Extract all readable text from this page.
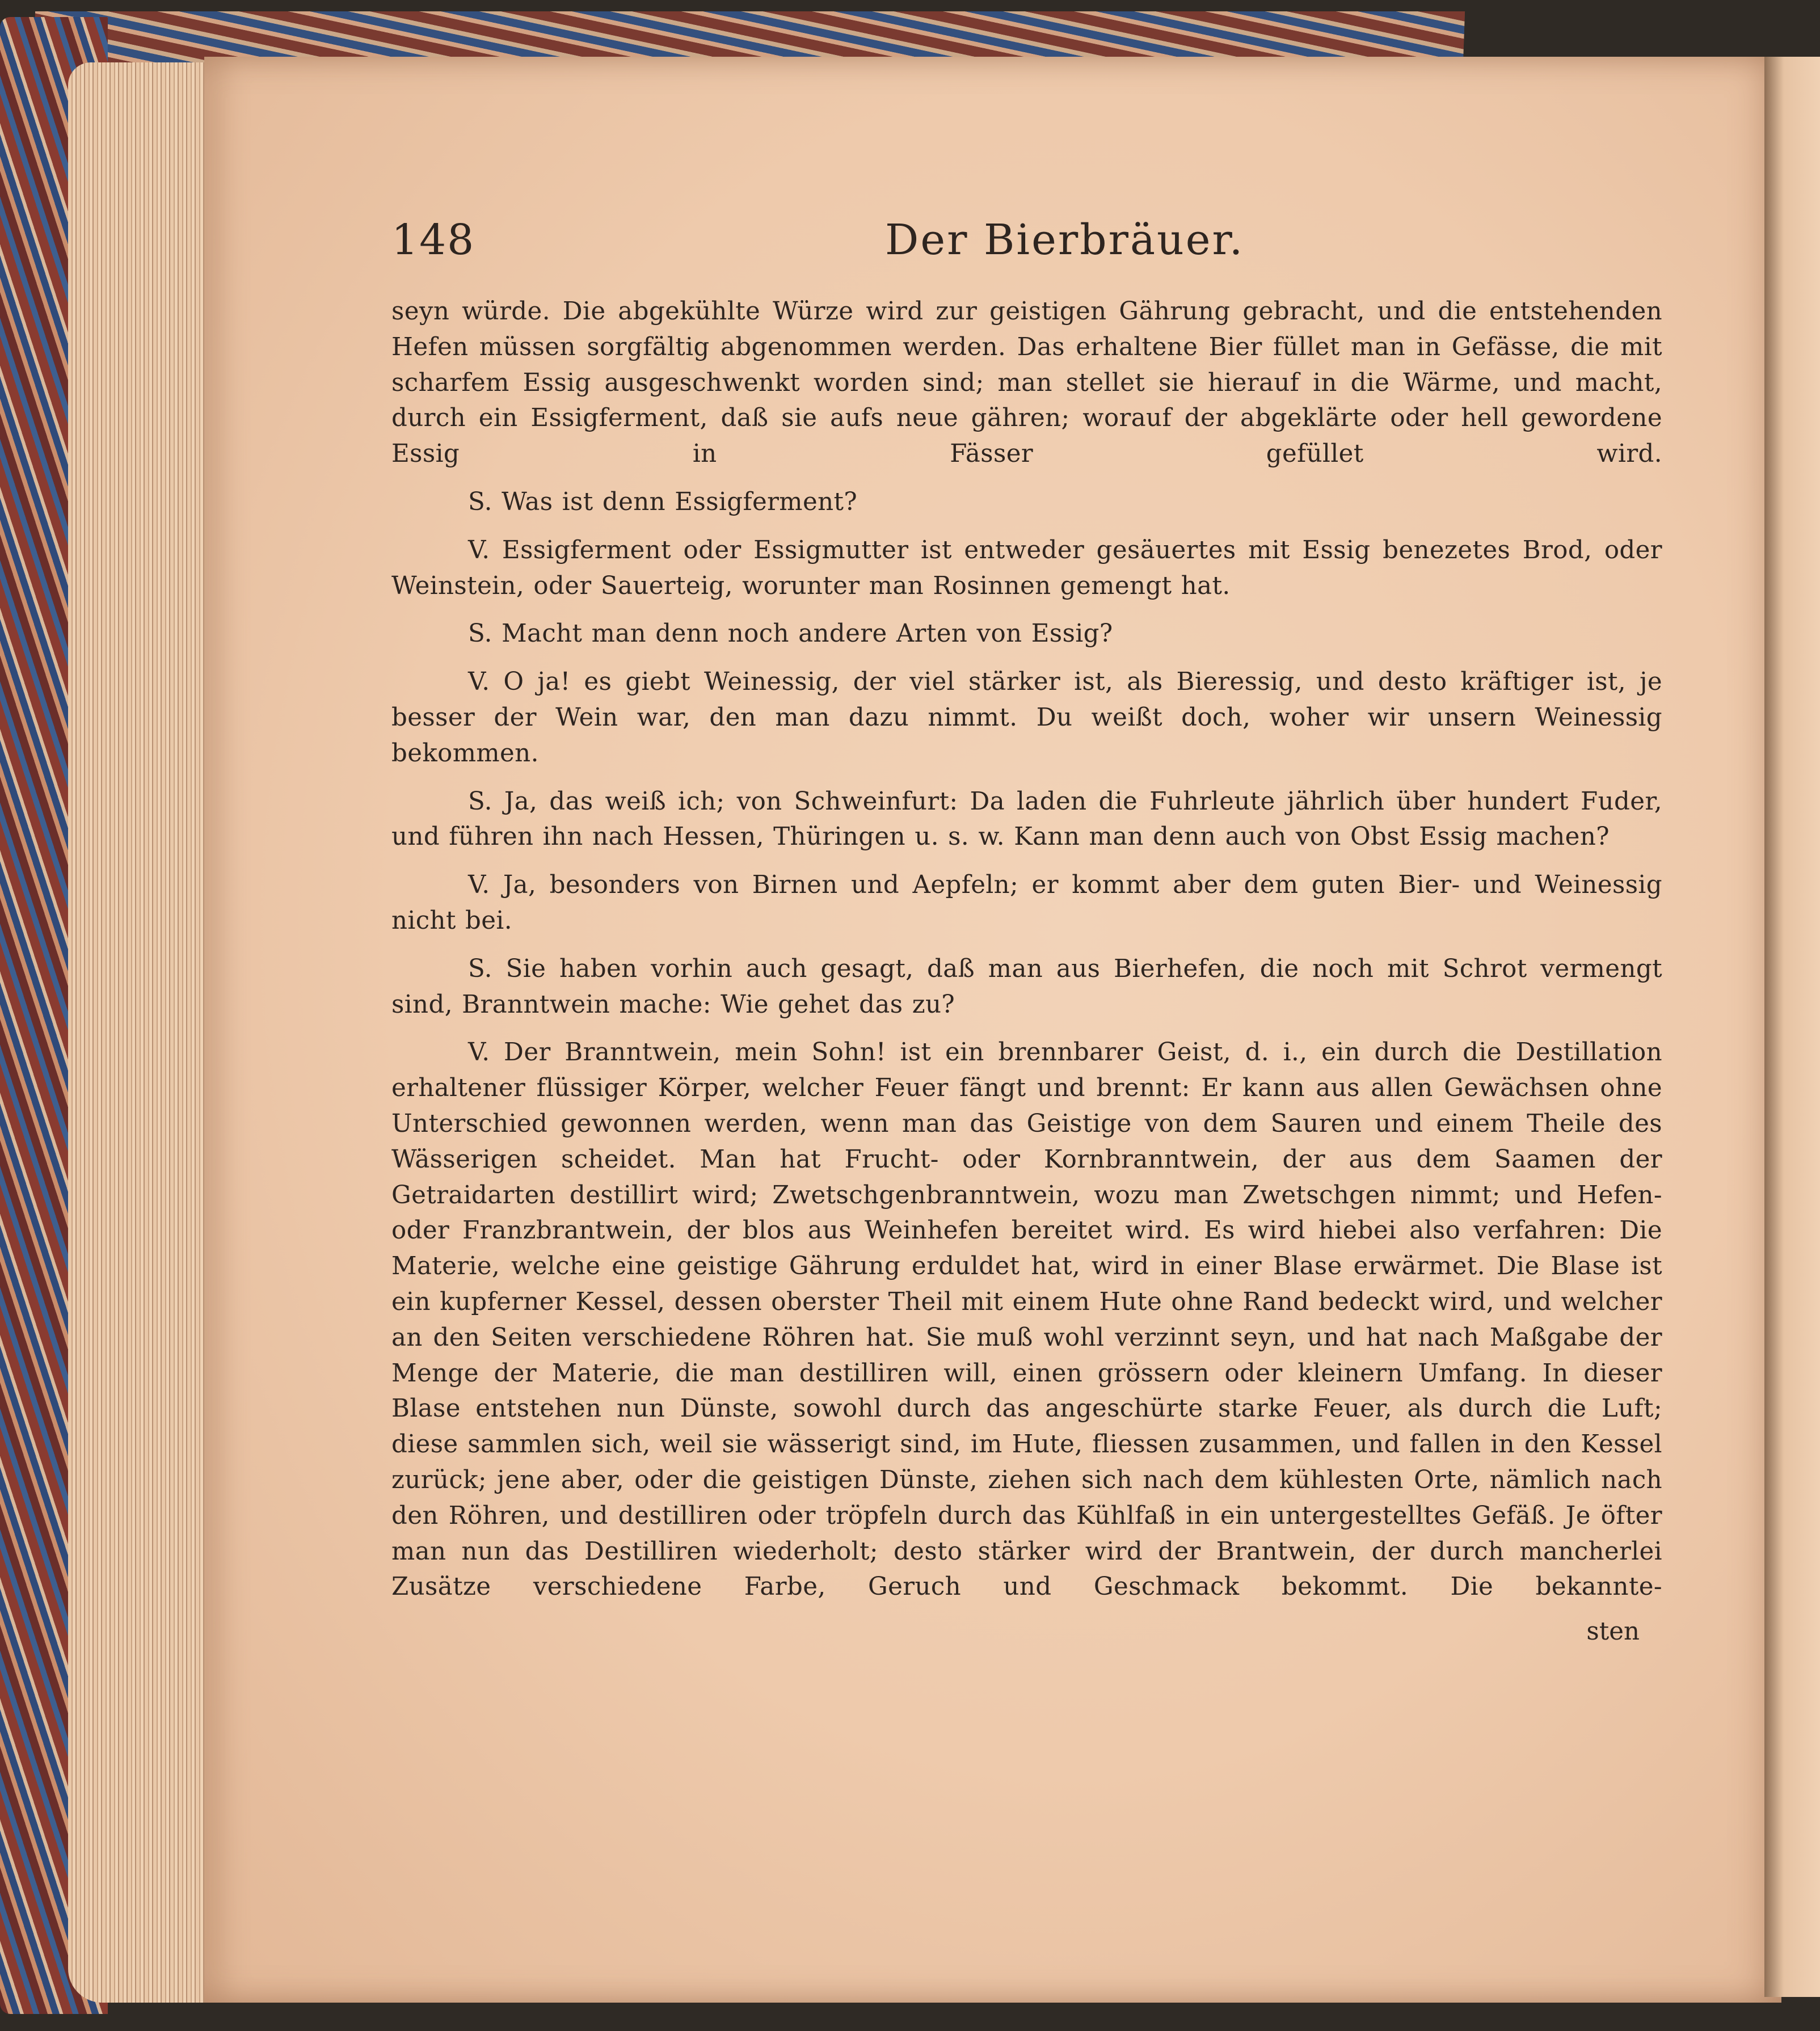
148	Der Bierbräuer.

seyn würde. Die abgekühlte Würze wird zur geistigen Gährung gebracht, und die entstehenden Hefen müssen sorgfältig abgenommen werden. Das erhaltene Bier füllet man in Gefässe, die mit scharfem Essig ausgeschwenkt worden sind; man stellet sie hierauf in die Wärme, und macht, durch ein Essigferment, daß sie aufs neue gähren; worauf der abgeklärte oder hell gewordene Essig in Fässer gefüllet wird.

S. Was ist denn Essigferment?

V. Essigferment oder Essigmutter ist entweder gesäuertes mit Essig benezetes Brod, oder Weinstein, oder Sauerteig, worunter man Rosinnen gemengt hat.

S. Macht man denn noch andere Arten von Essig?

V. O ja! es giebt Weinessig, der viel stärker ist, als Bieressig, und desto kräftiger ist, je besser der Wein war, den man dazu nimmt. Du weißt doch, woher wir unsern Weinessig bekommen.

S. Ja, das weiß ich; von Schweinfurt: Da laden die Fuhrleute jährlich über hundert Fuder, und führen ihn nach Hessen, Thüringen u. s. w. Kann man denn auch von Obst Essig machen?

V. Ja, besonders von Birnen und Aepfeln; er kommt aber dem guten Bier- und Weinessig nicht bei.

S. Sie haben vorhin auch gesagt, daß man aus Bierhefen, die noch mit Schrot vermengt sind, Branntwein mache: Wie gehet das zu?

V. Der Branntwein, mein Sohn! ist ein brennbarer Geist, d. i., ein durch die Destillation erhaltener flüssiger Körper, welcher Feuer fängt und brennt: Er kann aus allen Gewächsen ohne Unterschied gewonnen werden, wenn man das Geistige von dem Sauren und einem Theile des Wässerigen scheidet. Man hat Frucht- oder Kornbranntwein, der aus dem Saamen der Getraidarten destillirt wird; Zwetschgenbranntwein, wozu man Zwetschgen nimmt; und Hefen- oder Franzbrantwein, der blos aus Weinhefen bereitet wird. Es wird hiebei also verfahren: Die Materie, welche eine geistige Gährung erduldet hat, wird in einer Blase erwärmet. Die Blase ist ein kupferner Kessel, dessen oberster Theil mit einem Hute ohne Rand bedeckt wird, und welcher an den Seiten verschiedene Röhren hat. Sie muß wohl verzinnt seyn, und hat nach Maßgabe der Menge der Materie, die man destilliren will, einen grössern oder kleinern Umfang. In dieser Blase entstehen nun Dünste, sowohl durch das angeschürte starke Feuer, als durch die Luft; diese sammlen sich, weil sie wässerigt sind, im Hute, fliessen zusammen, und fallen in den Kessel zurück; jene aber, oder die geistigen Dünste, ziehen sich nach dem kühlesten Orte, nämlich nach den Röhren, und destilliren oder tröpfeln durch das Kühlfaß in ein untergestelltes Gefäß. Je öfter man nun das Destilliren wiederholt; desto stärker wird der Brantwein, der durch mancherlei Zusätze verschiedene Farbe, Geruch und Geschmack bekommt. Die bekannte-

sten
